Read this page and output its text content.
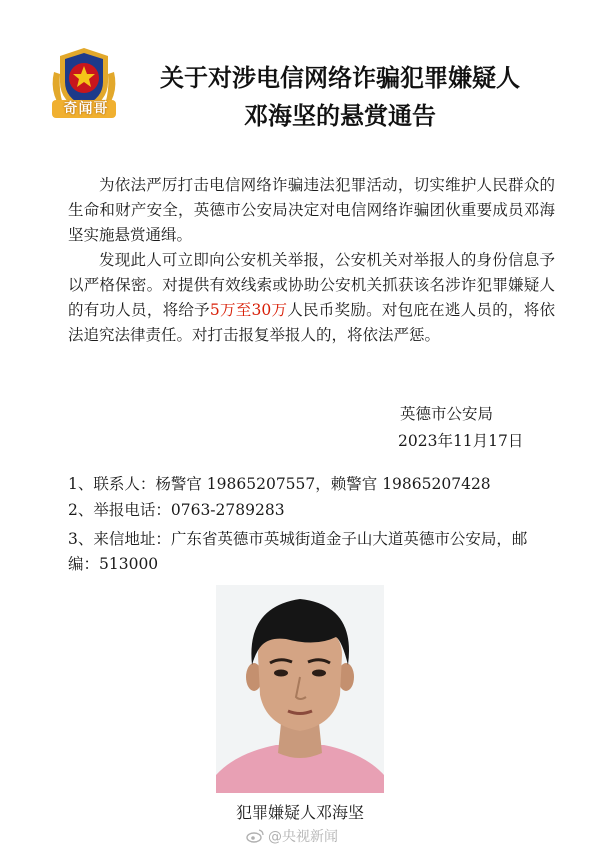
奇闻哥
关于对涉电信网络诈骗犯罪嫌疑人
邓海坚的悬赏通告

为依法严厉打击电信网络诈骗违法犯罪活动，切实维护人民群众的生命和财产安全，英德市公安局决定对电信网络诈骗团伙重要成员邓海坚实施悬赏通缉。

发现此人可立即向公安机关举报，公安机关对举报人的身份信息予以严格保密。对提供有效线索或协助公安机关抓获该名涉诈犯罪嫌疑人的有功人员，将给予5万至30万人民币奖励。对包庇在逃人员的，将依法追究法律责任。对打击报复举报人的，将依法严惩。

英德市公安局
2023年11月17日

1、联系人：杨警官 19865207557，赖警官 19865207428

2、举报电话：0763-2789283

3、来信地址：广东省英德市英城街道金子山大道英德市公安局，邮编：513000

犯罪嫌疑人邓海坚
@央视新闻
